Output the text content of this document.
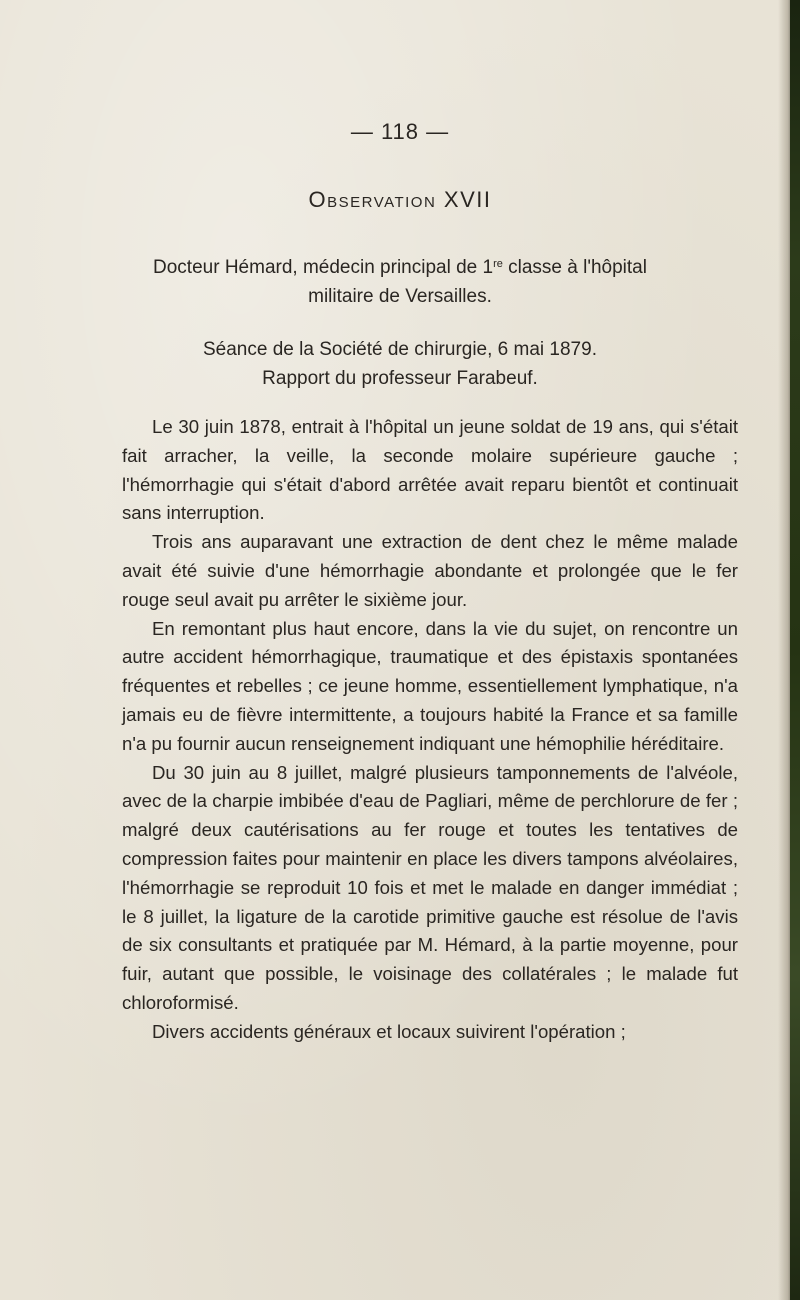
— 118 —
Observation XVII
Docteur Hémard, médecin principal de 1re classe à l'hôpital
militaire de Versailles.
Séance de la Société de chirurgie, 6 mai 1879.
Rapport du professeur Farabeuf.

Le 30 juin 1878, entrait à l'hôpital un jeune soldat de 19 ans, qui s'était fait arracher, la veille, la seconde molaire supérieure gauche ; l'hémorrhagie qui s'était d'abord arrêtée avait reparu bientôt et continuait sans interruption.

Trois ans auparavant une extraction de dent chez le même malade avait été suivie d'une hémorrhagie abondante et prolongée que le fer rouge seul avait pu arrêter le sixième jour.

En remontant plus haut encore, dans la vie du sujet, on rencontre un autre accident hémorrhagique, traumatique et des épistaxis spontanées fréquentes et rebelles ; ce jeune homme, essentiellement lymphatique, n'a jamais eu de fièvre intermittente, a toujours habité la France et sa famille n'a pu fournir aucun renseignement indiquant une hémophilie héréditaire.

Du 30 juin au 8 juillet, malgré plusieurs tamponnements de l'alvéole, avec de la charpie imbibée d'eau de Pagliari, même de perchlorure de fer ; malgré deux cautérisations au fer rouge et toutes les tentatives de compression faites pour maintenir en place les divers tampons alvéolaires, l'hémorrhagie se reproduit 10 fois et met le malade en danger immédiat ; le 8 juillet, la ligature de la carotide primitive gauche est résolue de l'avis de six consultants et pratiquée par M. Hémard, à la partie moyenne, pour fuir, autant que possible, le voisinage des collatérales ; le malade fut chloroformisé.

Divers accidents généraux et locaux suivirent l'opération ;
